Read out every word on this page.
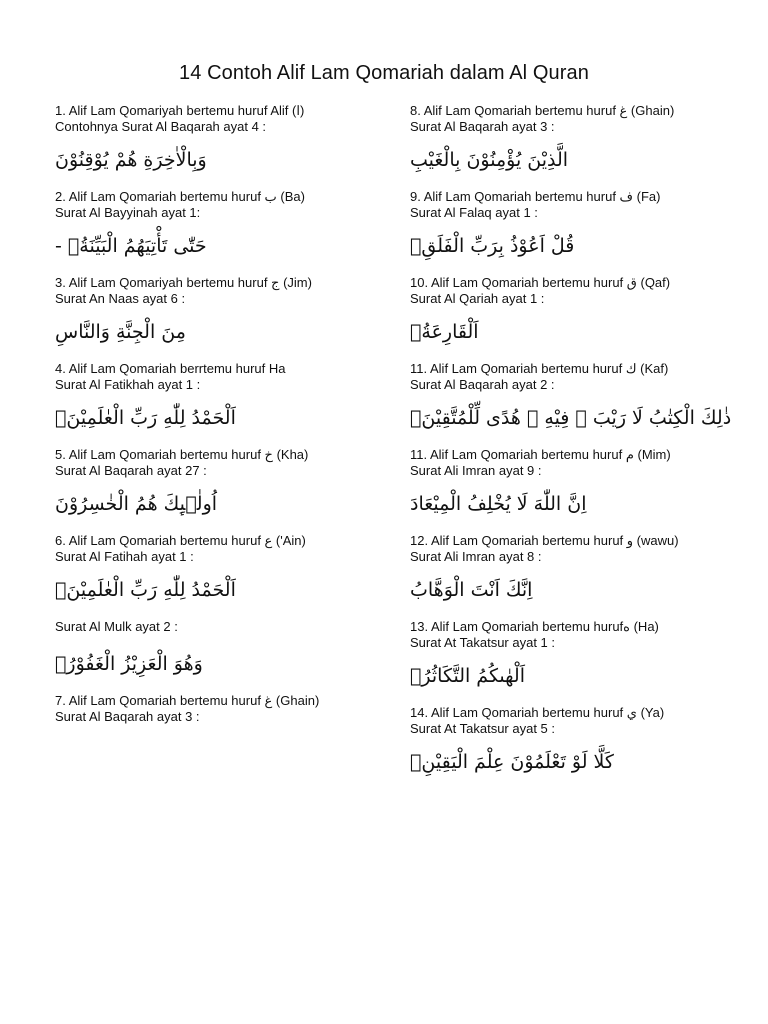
14 Contoh Alif Lam Qomariah dalam Al Quran
1. Alif Lam Qomariyah bertemu huruf Alif (ا)
Contohnya Surat Al Baqarah ayat 4 :
وَبِالْاٰخِرَةِ هُمْ يُوْقِنُوْنَ
2. Alif Lam Qomariah bertemu huruf ب (Ba)
Surat Al Bayyinah ayat 1:
حَتّٰى تَأْتِيَهُمُ الْبَيِّنَةُۙ -
3. Alif Lam Qomariyah bertemu huruf ج (Jim)
Surat An Naas ayat 6 :
مِنَ الْجِنَّةِ وَالنَّاسِ
4. Alif Lam Qomariah berrtemu huruf Ha
Surat Al Fatikhah ayat 1 :
اَلْحَمْدُ لِلّٰهِ رَبِّ الْعٰلَمِيْنَۙ
5. Alif Lam Qomariah bertemu huruf خ (Kha)
Surat Al Baqarah ayat 27 :
اُولٰۤىِٕكَ هُمُ الْخٰسِرُوْنَ
6. Alif Lam Qomariah bertemu huruf ع ('Ain)
Surat Al Fatihah ayat 1 :
اَلْحَمْدُ لِلّٰهِ رَبِّ الْعٰلَمِيْنَۙ
Surat Al Mulk ayat 2 :
وَهُوَ الْعَزِيْزُ الْغَفُوْرُۙ
7. Alif Lam Qomariah bertemu huruf غ (Ghain)
Surat Al Baqarah ayat 3 :
8. Alif Lam Qomariah bertemu huruf غ (Ghain)
Surat Al Baqarah ayat 3 :
الَّذِيْنَ يُؤْمِنُوْنَ بِالْغَيْبِ
9. Alif Lam Qomariah bertemu huruf ف (Fa)
Surat Al Falaq ayat 1 :
قُلْ اَعُوْذُ بِرَبِّ الْفَلَقِۙ
10. Alif Lam Qomariah bertemu huruf ق (Qaf)
Surat Al Qariah ayat 1 :
اَلْقَارِعَةُۙ
11. Alif Lam Qomariah bertemu huruf ك (Kaf)
Surat Al Baqarah ayat 2 :
ذٰلِكَ الْكِتٰبُ لَا رَيْبَ ۛ فِيْهِ ۛ هُدًى لِّلْمُتَّقِيْنَۙ
11. Alif Lam Qomariah bertemu huruf م (Mim)
Surat Ali Imran ayat 9 :
اِنَّ اللّٰهَ لَا يُخْلِفُ الْمِيْعَادَ
12. Alif Lam Qomariah bertemu huruf و (wawu)
Surat Ali Imran ayat 8 :
اِنَّكَ اَنْتَ الْوَهَّابُ
13. Alif Lam Qomariah bertemu hurufه (Ha)
Surat At Takatsur ayat 1 :
اَلْهٰىكُمُ التَّكَاثُرُۙ
14. Alif Lam Qomariah bertemu huruf ي (Ya)
Surat At Takatsur ayat 5 :
كَلَّا لَوْ تَعْلَمُوْنَ عِلْمَ الْيَقِيْنِۗ
